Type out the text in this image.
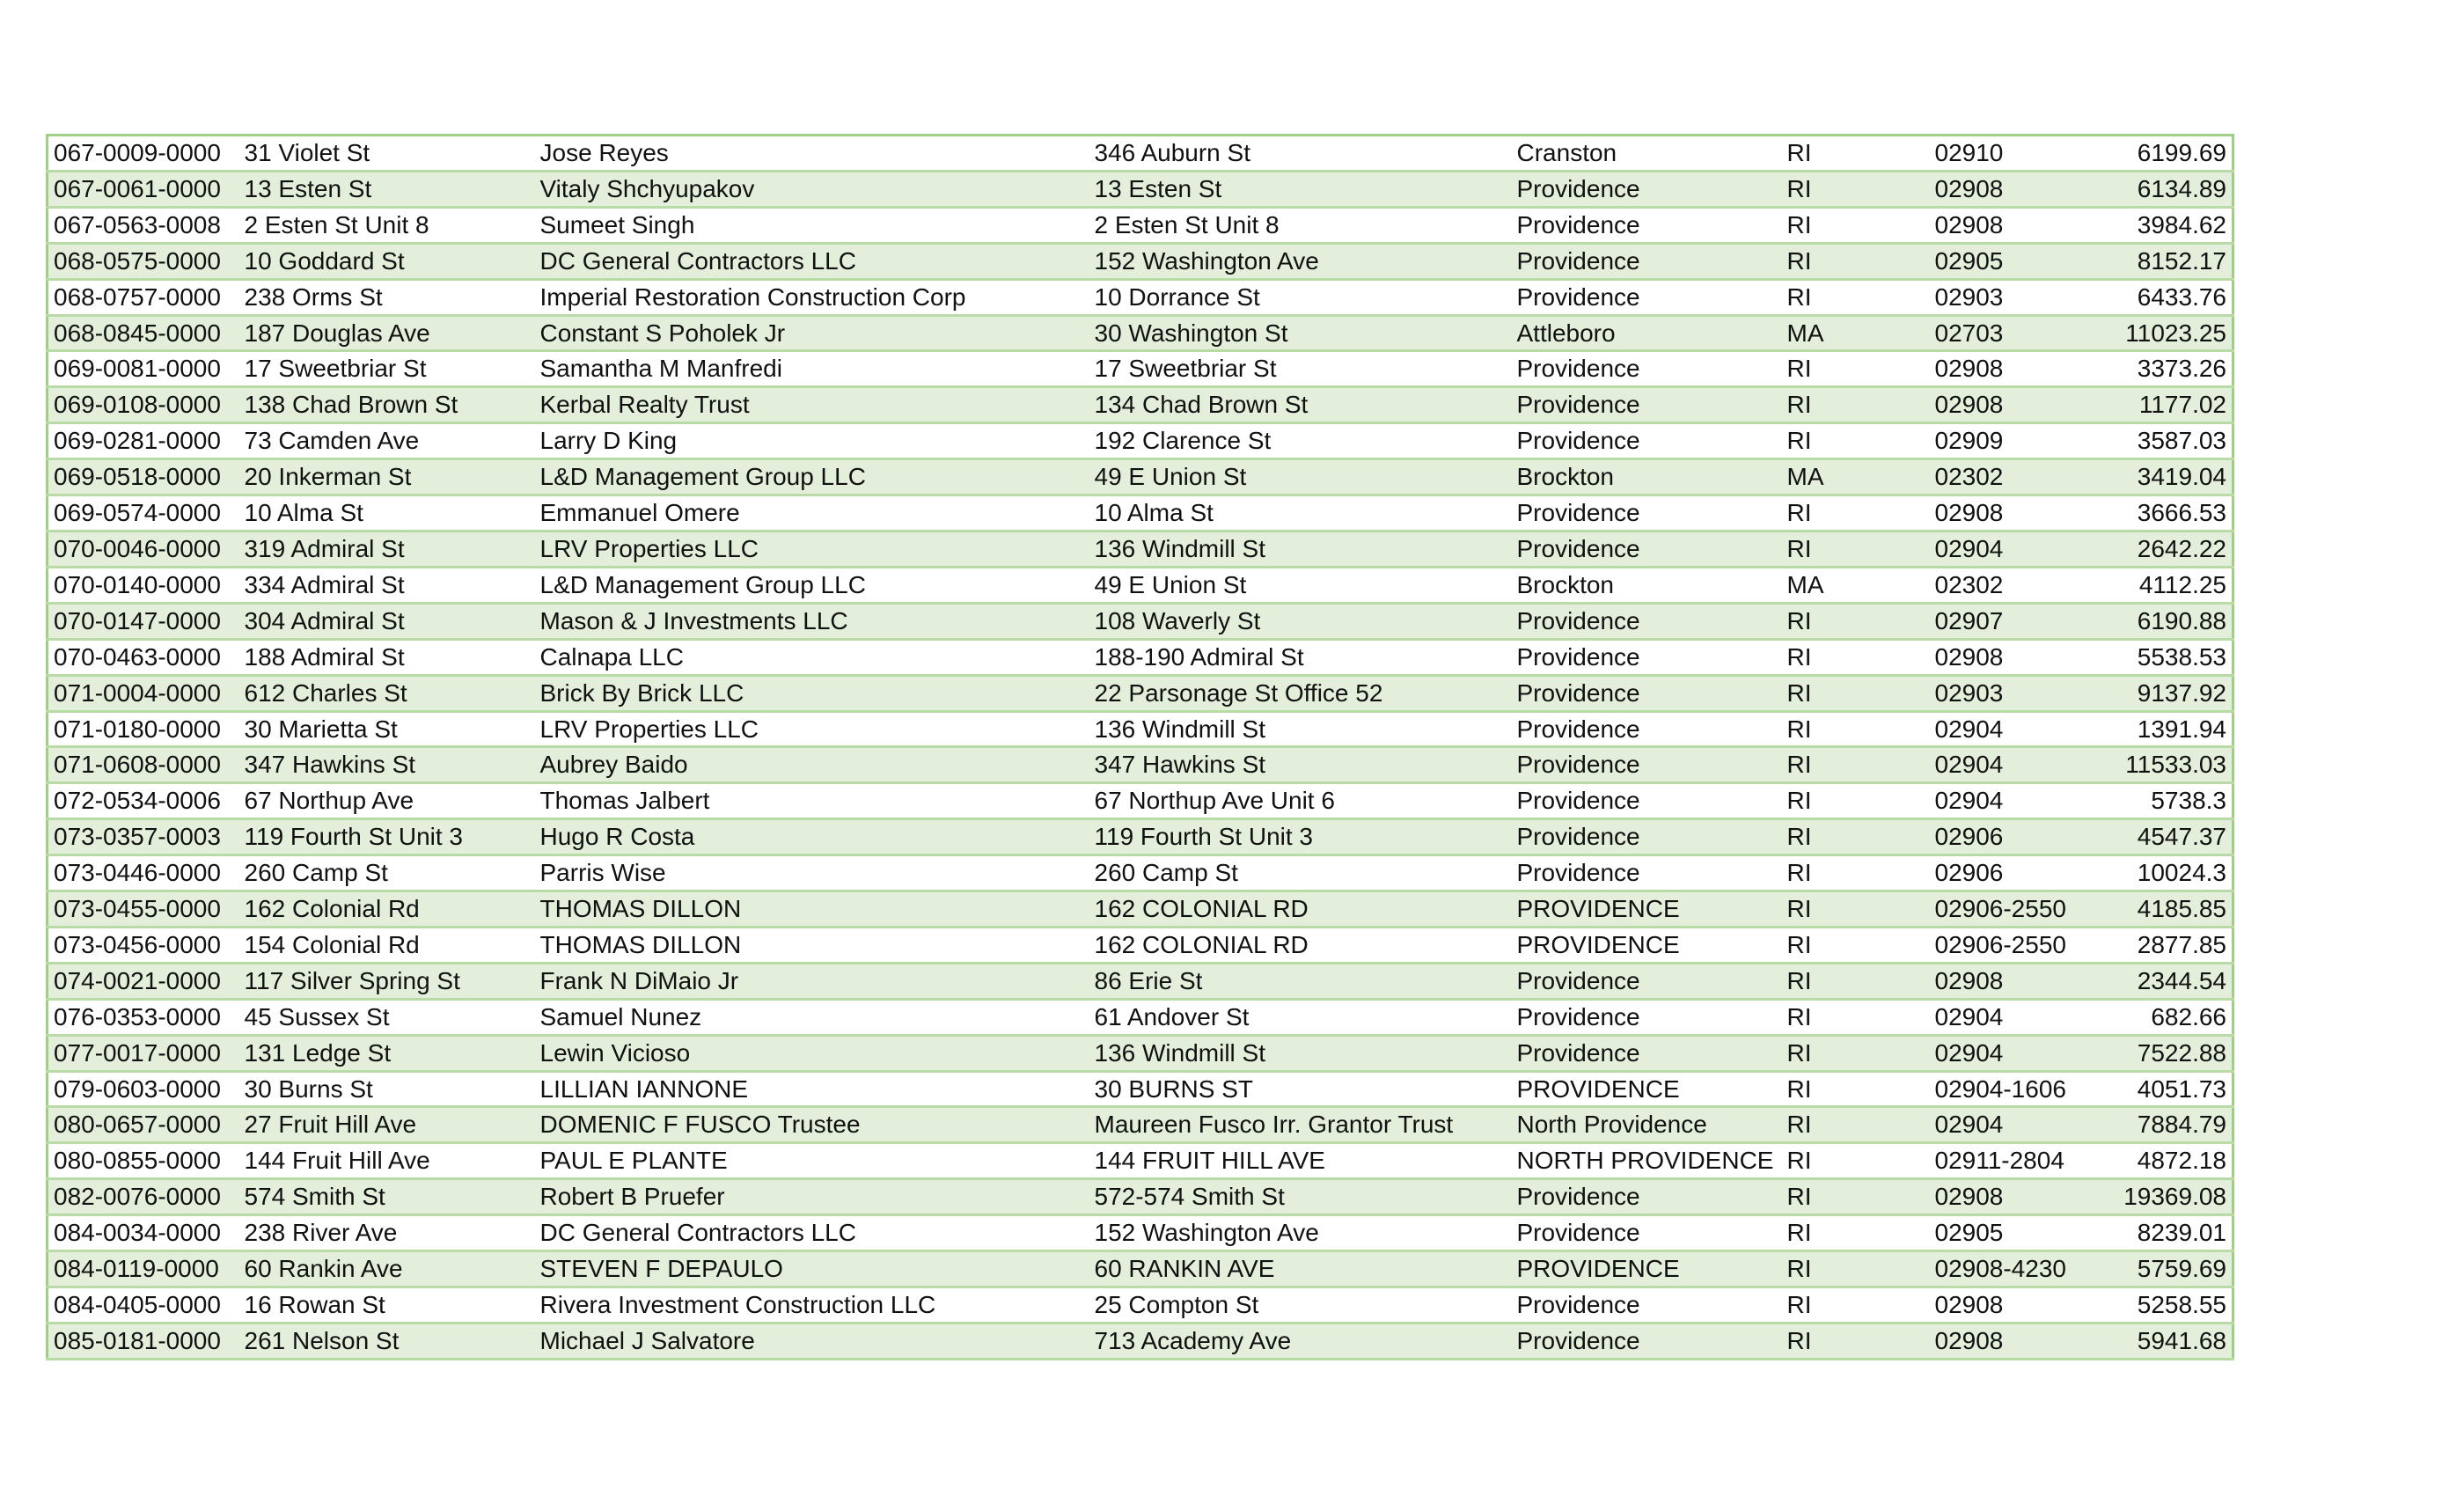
067-0009-0000	31 Violet St	Jose Reyes	346 Auburn St	Cranston	RI	02910	6199.69
067-0061-0000	13 Esten St	Vitaly Shchyupakov	13 Esten St	Providence	RI	02908	6134.89
067-0563-0008	2 Esten St Unit 8	Sumeet Singh	2 Esten St Unit 8	Providence	RI	02908	3984.62
068-0575-0000	10 Goddard St	DC General Contractors LLC	152 Washington Ave	Providence	RI	02905	8152.17
068-0757-0000	238 Orms St	Imperial Restoration Construction Corp	10 Dorrance St	Providence	RI	02903	6433.76
068-0845-0000	187 Douglas Ave	Constant S Poholek Jr	30 Washington St	Attleboro	MA	02703	11023.25
069-0081-0000	17 Sweetbriar St	Samantha M Manfredi	17 Sweetbriar St	Providence	RI	02908	3373.26
069-0108-0000	138 Chad Brown St	Kerbal Realty Trust	134 Chad Brown St	Providence	RI	02908	1177.02
069-0281-0000	73 Camden Ave	Larry D King	192 Clarence St	Providence	RI	02909	3587.03
069-0518-0000	20 Inkerman St	L&D Management Group LLC	49 E Union St	Brockton	MA	02302	3419.04
069-0574-0000	10 Alma St	Emmanuel Omere	10 Alma St	Providence	RI	02908	3666.53
070-0046-0000	319 Admiral St	LRV Properties LLC	136 Windmill St	Providence	RI	02904	2642.22
070-0140-0000	334 Admiral St	L&D Management Group LLC	49 E Union St	Brockton	MA	02302	4112.25
070-0147-0000	304 Admiral St	Mason & J Investments LLC	108 Waverly St	Providence	RI	02907	6190.88
070-0463-0000	188 Admiral St	Calnapa LLC	188-190 Admiral St	Providence	RI	02908	5538.53
071-0004-0000	612 Charles St	Brick By Brick LLC	22 Parsonage St Office 52	Providence	RI	02903	9137.92
071-0180-0000	30 Marietta St	LRV Properties LLC	136 Windmill St	Providence	RI	02904	1391.94
071-0608-0000	347 Hawkins St	Aubrey Baido	347 Hawkins St	Providence	RI	02904	11533.03
072-0534-0006	67 Northup Ave	Thomas Jalbert	67 Northup Ave Unit 6	Providence	RI	02904	5738.3
073-0357-0003	119 Fourth St Unit 3	Hugo R Costa	119 Fourth St Unit 3	Providence	RI	02906	4547.37
073-0446-0000	260 Camp St	Parris Wise	260 Camp St	Providence	RI	02906	10024.3
073-0455-0000	162 Colonial Rd	THOMAS DILLON	162 COLONIAL RD	PROVIDENCE	RI	02906-2550	4185.85
073-0456-0000	154 Colonial Rd	THOMAS DILLON	162 COLONIAL RD	PROVIDENCE	RI	02906-2550	2877.85
074-0021-0000	117 Silver Spring St	Frank N DiMaio Jr	86 Erie St	Providence	RI	02908	2344.54
076-0353-0000	45 Sussex St	Samuel Nunez	61 Andover St	Providence	RI	02904	682.66
077-0017-0000	131 Ledge St	Lewin Vicioso	136 Windmill St	Providence	RI	02904	7522.88
079-0603-0000	30 Burns St	LILLIAN IANNONE	30 BURNS ST	PROVIDENCE	RI	02904-1606	4051.73
080-0657-0000	27 Fruit Hill Ave	DOMENIC F FUSCO Trustee	Maureen Fusco Irr. Grantor Trust	North Providence	RI	02904	7884.79
080-0855-0000	144 Fruit Hill Ave	PAUL E PLANTE	144 FRUIT HILL AVE	NORTH PROVIDENCE	RI	02911-2804	4872.18
082-0076-0000	574 Smith St	Robert B Pruefer	572-574 Smith St	Providence	RI	02908	19369.08
084-0034-0000	238 River Ave	DC General Contractors LLC	152 Washington Ave	Providence	RI	02905	8239.01
084-0119-0000	60 Rankin Ave	STEVEN F DEPAULO	60 RANKIN AVE	PROVIDENCE	RI	02908-4230	5759.69
084-0405-0000	16 Rowan St	Rivera Investment Construction LLC	25 Compton St	Providence	RI	02908	5258.55
085-0181-0000	261 Nelson St	Michael J Salvatore	713 Academy Ave	Providence	RI	02908	5941.68
